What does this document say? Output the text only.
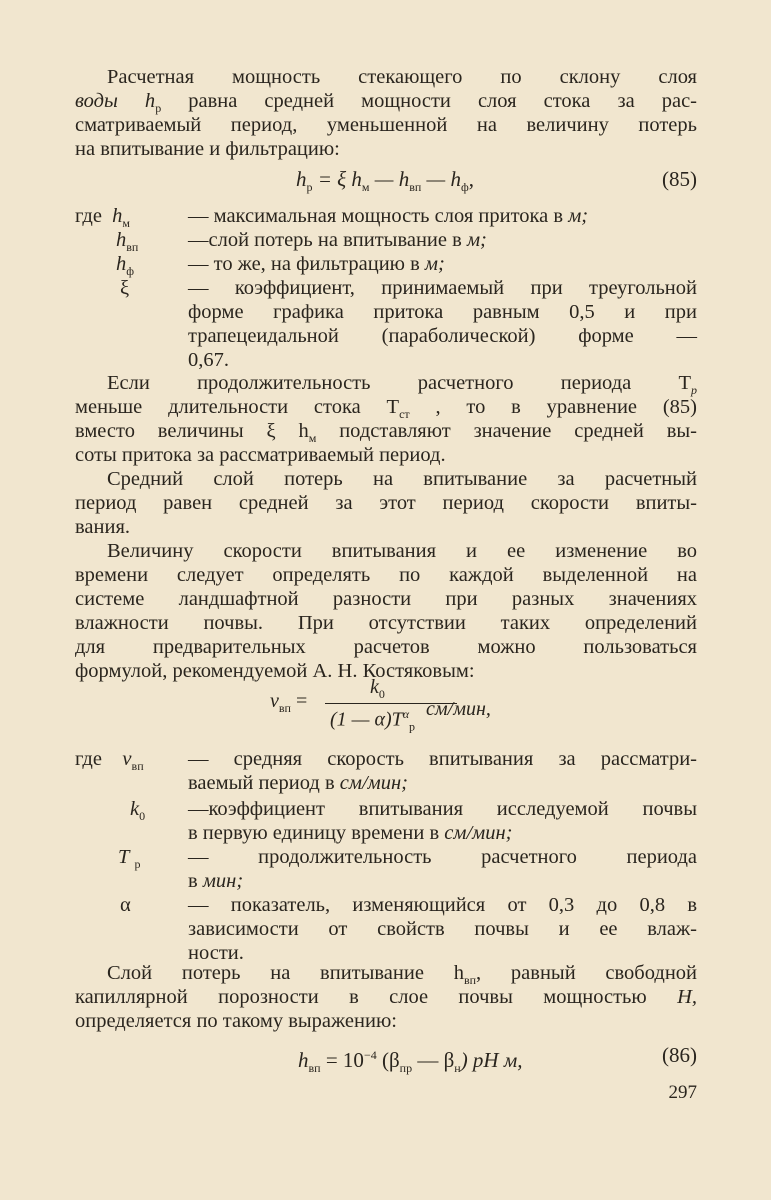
Расчетная мощность стекающего по склону слоя
воды $h_р$ равна средней мощности слоя стока за рас-
сматриваемый период, уменьшенной на величину потерь
на впитывание и фильтрацию:
$h_р = \xi$ $h_м$ — $h_{вп}$ — $h_ф$,	(85)
где $h_м$	— максимальная мощность слоя притока в м;
$h_{вп}$	—слой потерь на впитывание в м;
$h_ф$	— то же, на фильтрацию в м;
ξ	— коэффициент, принимаемый при треугольной
форме графика притока равным 0,5 и при
трапецеидальной (параболической) форме —
0,67.
Если продолжительность расчетного периода $T_р$
меньше длительности стока $T_{ст}$ , то в уравнение (85)
вместо величины ξ $h_м$ подставляют значение средней вы-
соты притока за рассматриваемый период.
Средний слой потерь на впитывание за расчетный
период равен средней за этот период скорости впиты-
вания.
Величину скорости впитывания и ее изменение во
времени следует определять по каждой выделенной на
системе ландшафтной разности при разных значениях
влажности почвы. При отсутствии таких определений
для предварительных расчетов можно пользоваться
формулой, рекомендуемой А. Н. Костяковым:
$v_{вп}$ =
$k_0$
(1 — $\alpha)T^\alpha_р$
см/мин,
где $v_{вп}$	— средняя скорость впитывания за рассматри-
ваемый период в см/мин;
$k_0$	—коэффициент впитывания исследуемой почвы
в первую единицу времени в см/мин;
T $_р$	— продолжительность расчетного периода
в мин;
α	— показатель, изменяющийся от 0,3 до 0,8 в
зависимости от свойств почвы и ее влаж-
ности.
Слой потерь на впитывание $h_{вп}$, равный свободной
капиллярной порозности в слое почвы мощностью H,
определяется по такому выражению:
$h_{вп} = 10^{-4}$ ($\beta_{пр}$ — $\beta_н$) pH м,	(86)
297
